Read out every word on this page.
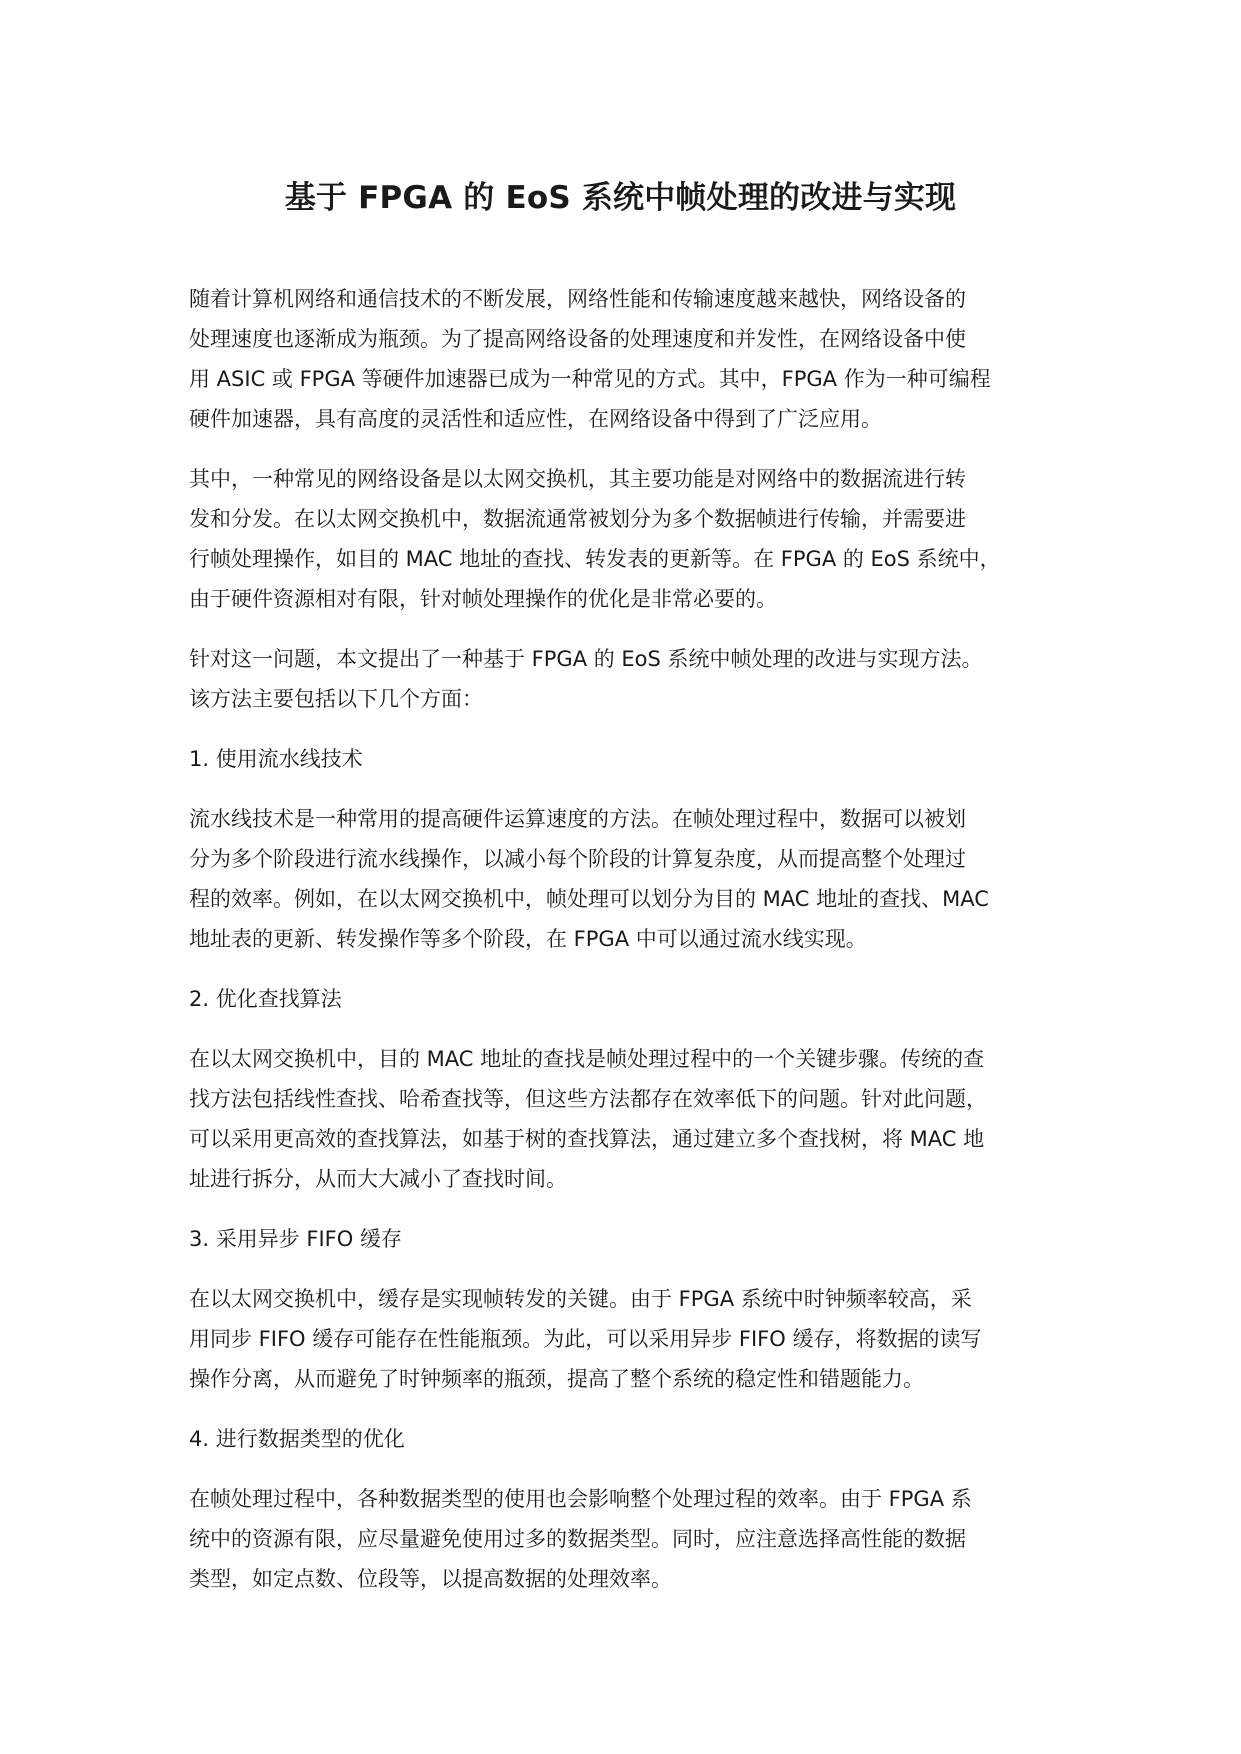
基于 FPGA 的 EoS 系统中帧处理的改进与实现
随着计算机网络和通信技术的不断发展，网络性能和传输速度越来越快，网络设备的
处理速度也逐渐成为瓶颈。为了提高网络设备的处理速度和并发性，在网络设备中使
用 ASIC 或 FPGA 等硬件加速器已成为一种常见的方式。其中，FPGA 作为一种可编程
硬件加速器，具有高度的灵活性和适应性，在网络设备中得到了广泛应用。
其中，一种常见的网络设备是以太网交换机，其主要功能是对网络中的数据流进行转
发和分发。在以太网交换机中，数据流通常被划分为多个数据帧进行传输，并需要进
行帧处理操作，如目的 MAC 地址的查找、转发表的更新等。在 FPGA 的 EoS 系统中，
由于硬件资源相对有限，针对帧处理操作的优化是非常必要的。
针对这一问题，本文提出了一种基于 FPGA 的 EoS 系统中帧处理的改进与实现方法。
该方法主要包括以下几个方面：
1. 使用流水线技术
流水线技术是一种常用的提高硬件运算速度的方法。在帧处理过程中，数据可以被划
分为多个阶段进行流水线操作，以减小每个阶段的计算复杂度，从而提高整个处理过
程的效率。例如，在以太网交换机中，帧处理可以划分为目的 MAC 地址的查找、MAC
地址表的更新、转发操作等多个阶段，在 FPGA 中可以通过流水线实现。
2. 优化查找算法
在以太网交换机中，目的 MAC 地址的查找是帧处理过程中的一个关键步骤。传统的查
找方法包括线性查找、哈希查找等，但这些方法都存在效率低下的问题。针对此问题，
可以采用更高效的查找算法，如基于树的查找算法，通过建立多个查找树，将 MAC 地
址进行拆分，从而大大减小了查找时间。
3. 采用异步 FIFO 缓存
在以太网交换机中，缓存是实现帧转发的关键。由于 FPGA 系统中时钟频率较高，采
用同步 FIFO 缓存可能存在性能瓶颈。为此，可以采用异步 FIFO 缓存，将数据的读写
操作分离，从而避免了时钟频率的瓶颈，提高了整个系统的稳定性和错题能力。
4. 进行数据类型的优化
在帧处理过程中，各种数据类型的使用也会影响整个处理过程的效率。由于 FPGA 系
统中的资源有限，应尽量避免使用过多的数据类型。同时，应注意选择高性能的数据
类型，如定点数、位段等，以提高数据的处理效率。
